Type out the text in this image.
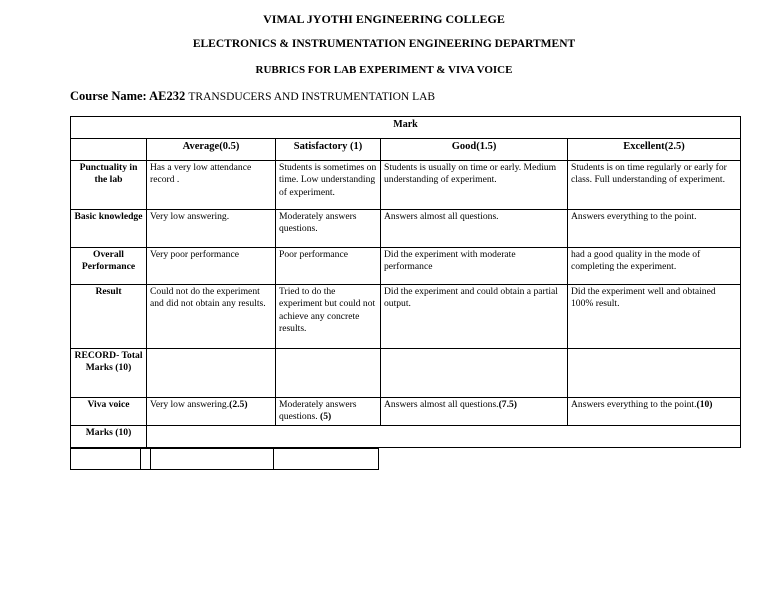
VIMAL JYOTHI ENGINEERING COLLEGE
ELECTRONICS & INSTRUMENTATION ENGINEERING DEPARTMENT
RUBRICS FOR LAB EXPERIMENT & VIVA VOICE
Course Name: AE232 TRANSDUCERS AND INSTRUMENTATION LAB
Mark				
	Average(0.5)	Satisfactory (1)	Good(1.5)	Excellent(2.5)
Punctuality in the lab	Has a very low attendance record .	Students is sometimes on time. Low understanding of experiment.	Students is usually on time or early. Medium understanding of experiment.	Students is on time regularly or early for class. Full understanding of experiment.
Basic knowledge	Very low answering.	Moderately answers questions.	Answers almost all questions.	Answers everything to the point.
Overall Performance	Very poor performance	Poor performance	Did the experiment with moderate performance	had a good quality in the mode of completing the experiment.
Result	Could not do the experiment and did not obtain any results.	Tried to do the experiment but could not achieve any concrete results.	Did the experiment and could obtain a partial output.	Did the experiment well and obtained 100% result.
RECORD- Total Marks (10)				
Viva voice	Very low answering.(2.5)	Moderately answers questions. (5)	Answers almost all questions.(7.5)	Answers everything to the point.(10)
Marks (10)				
